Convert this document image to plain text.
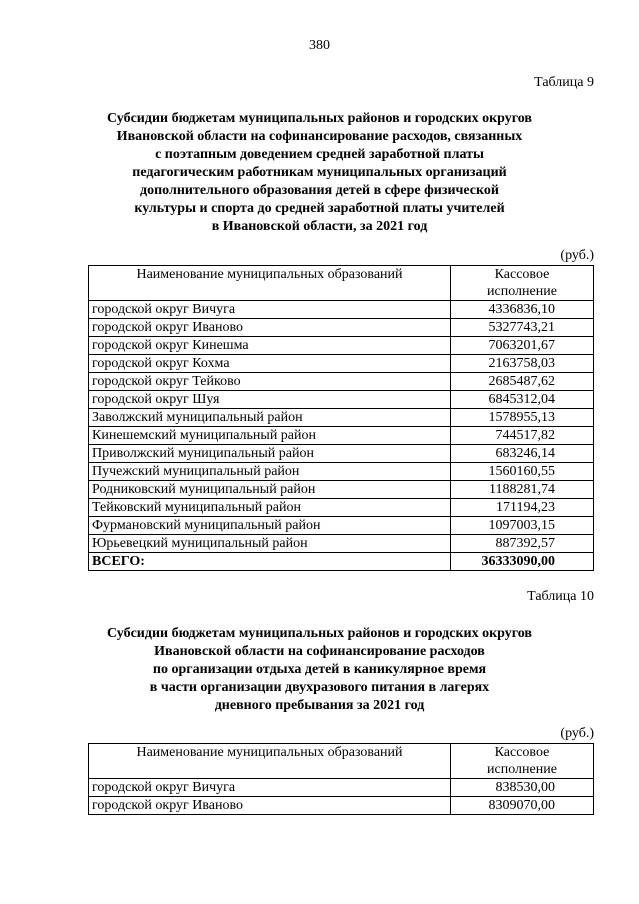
380
Таблица 9
Субсидии бюджетам муниципальных районов и городских округов
Ивановской области на софинансирование расходов, связанных
с поэтапным доведением средней заработной платы
педагогическим работникам муниципальных организаций
дополнительного образования детей в сфере физической
культуры и спорта до средней заработной платы учителей
в Ивановской области, за 2021 год
(руб.)
Наименование муниципальных образований	Кассовое
исполнение

городской округ Вичуга	4336836,10
городской округ Иваново	5327743,21
городской округ Кинешма	7063201,67
городской округ Кохма	2163758,03
городской округ Тейково	2685487,62
городской округ Шуя	6845312,04
Заволжский муниципальный район	1578955,13
Кинешемский муниципальный район	744517,82
Приволжский муниципальный район	683246,14
Пучежский муниципальный район	1560160,55
Родниковский муниципальный район	1188281,74
Тейковский муниципальный район	171194,23
Фурмановский муниципальный район	1097003,15
Юрьевецкий муниципальный район	887392,57
ВСЕГО:	36333090,00
Таблица 10
Субсидии бюджетам муниципальных районов и городских округов
Ивановской области на софинансирование расходов
по организации отдыха детей в каникулярное время
в части организации двухразового питания в лагерях
дневного пребывания за 2021 год
(руб.)
Наименование муниципальных образований	Кассовое
исполнение

городской округ Вичуга	838530,00
городской округ Иваново	8309070,00
